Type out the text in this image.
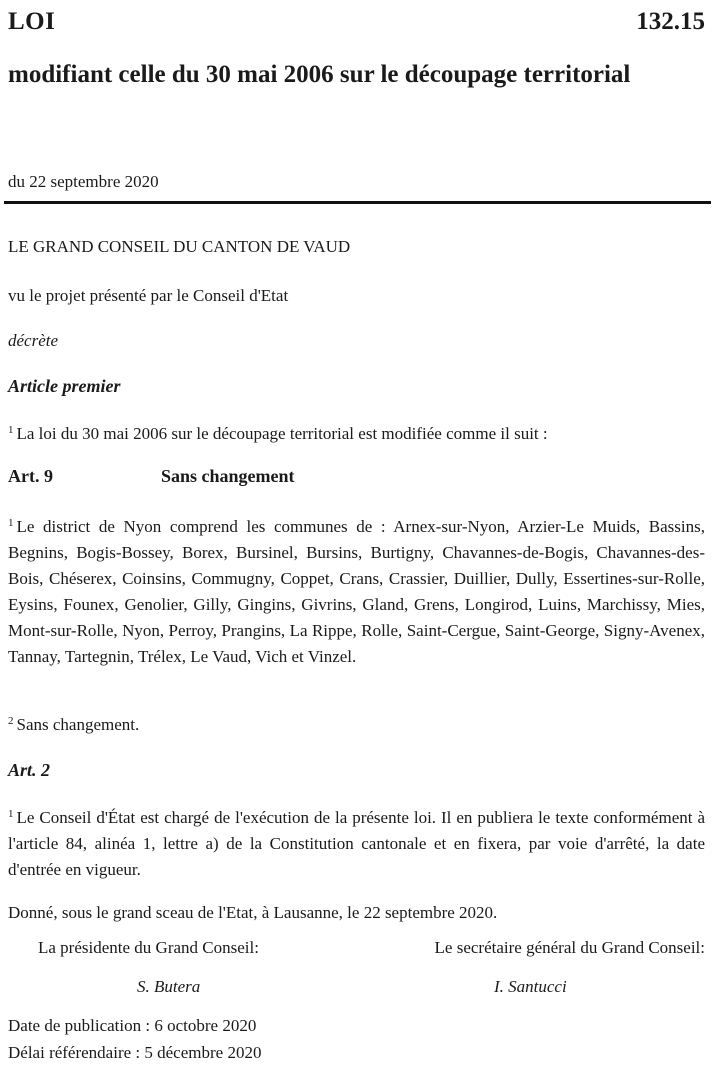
LOI	132.15
modifiant celle du 30 mai 2006 sur le découpage territorial
du 22 septembre 2020
LE GRAND CONSEIL DU CANTON DE VAUD
vu le projet présenté par le Conseil d'Etat
décrète
Article premier
$^1$ La loi du 30 mai 2006 sur le découpage territorial est modifiée comme il suit :
Art. 9	Sans changement
$^1$ Le district de Nyon comprend les communes de : Arnex-sur-Nyon, Arzier-Le Muids, Bassins, Begnins, Bogis-Bossey, Borex, Bursinel, Bursins, Burtigny, Chavannes-de-Bogis, Chavannes-des-Bois, Chéserex, Coinsins, Commugny, Coppet, Crans, Crassier, Duillier, Dully, Essertines-sur-Rolle, Eysins, Founex, Genolier, Gilly, Gingins, Givrins, Gland, Grens, Longirod, Luins, Marchissy, Mies, Mont-sur-Rolle, Nyon, Perroy, Prangins, La Rippe, Rolle, Saint-Cergue, Saint-George, Signy-Avenex, Tannay, Tartegnin, Trélex, Le Vaud, Vich et Vinzel.
$^2$ Sans changement.
Art. 2
$^1$ Le Conseil d'État est chargé de l'exécution de la présente loi. Il en publiera le texte conformément à l'article 84, alinéa 1, lettre a) de la Constitution cantonale et en fixera, par voie d'arrêté, la date d'entrée en vigueur.
Donné, sous le grand sceau de l'Etat, à Lausanne, le 22 septembre 2020.
La présidente du Grand Conseil:	Le secrétaire général du Grand Conseil:
S. Butera	I. Santucci
Date de publication : 6 octobre 2020
Délai référendaire : 5 décembre 2020
